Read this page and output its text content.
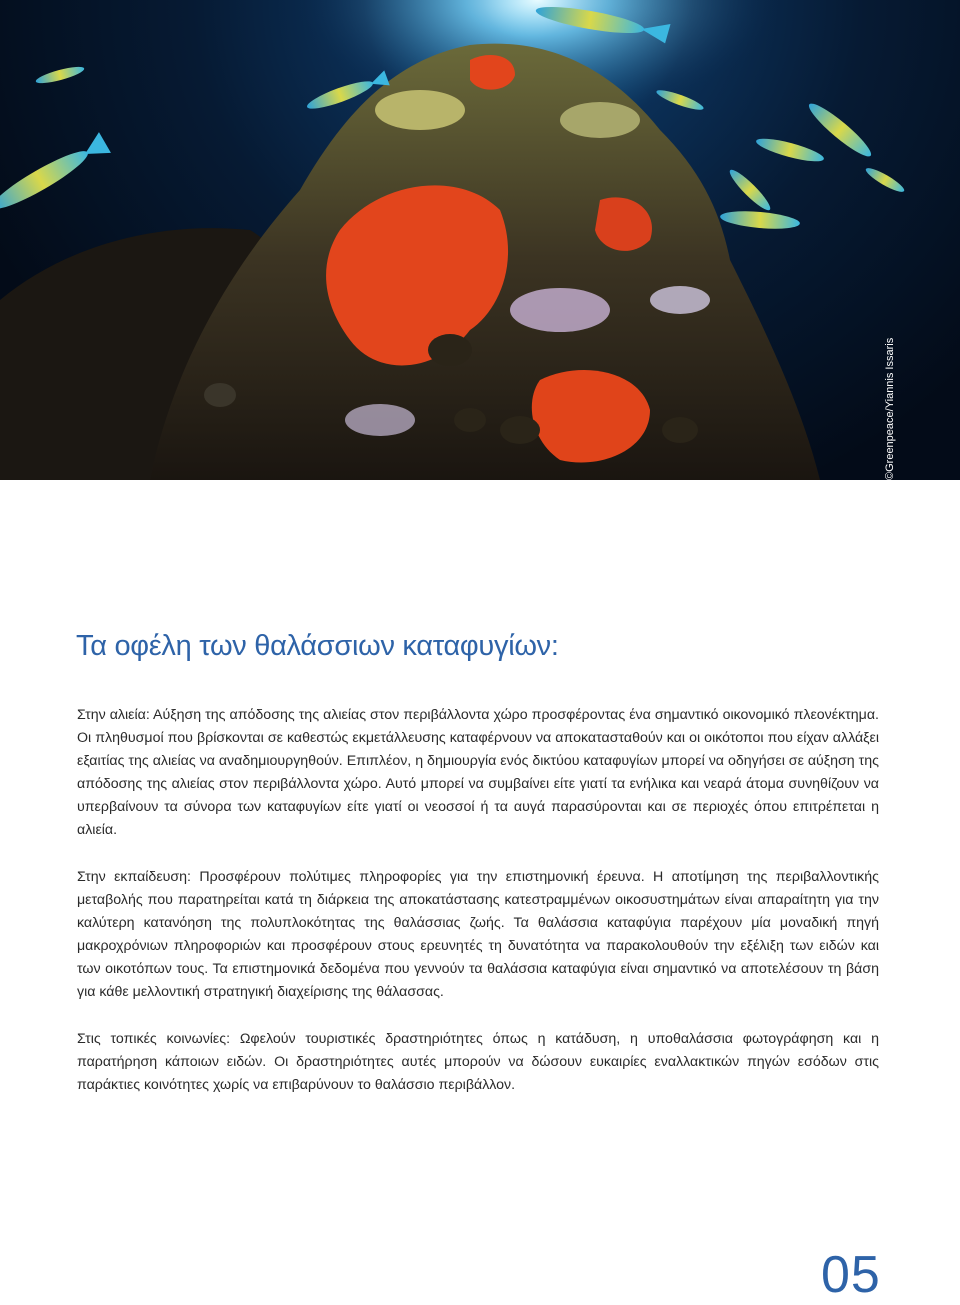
©Greenpeace/Yiannis Issaris
Τα οφέλη των θαλάσσιων καταφυγίων:

Στην αλιεία: Αύξηση της απόδοσης της αλιείας στον περιβάλλοντα χώρο προσφέροντας ένα σημαντικό οικονομικό πλεονέκτημα. Οι πληθυσμοί που βρίσκονται σε καθεστώς εκμετάλλευσης καταφέρνουν να αποκατασταθούν και οι οικότοποι που είχαν αλλάξει εξαιτίας της αλιείας να αναδημιουργηθούν. Επιπλέον, η δημιουργία ενός δικτύου καταφυγίων μπορεί να οδηγήσει σε αύξηση της απόδοσης της αλιείας στον περιβάλλοντα χώρο. Αυτό μπορεί να συμβαίνει είτε γιατί τα ενήλικα και νεαρά άτομα συνηθίζουν να υπερβαίνουν τα σύνορα των καταφυγίων είτε γιατί οι νεοσσοί ή τα αυγά παρασύρονται και σε περιοχές όπου επιτρέπεται η αλιεία.

Στην εκπαίδευση: Προσφέρουν πολύτιμες πληροφορίες για την επιστημονική έρευνα. Η αποτίμηση της περιβαλλοντικής μεταβολής που παρατηρείται κατά τη διάρκεια της αποκατάστασης κατεστραμμένων οικοσυστημάτων είναι απαραίτητη για την καλύτερη κατανόηση της πολυπλοκότητας της θαλάσσιας ζωής. Τα θαλάσσια καταφύγια παρέχουν μία μοναδική πηγή μακροχρόνιων πληροφοριών και προσφέρουν στους ερευνητές τη δυνατότητα να παρακολουθούν την εξέλιξη των ειδών και των οικοτόπων τους. Τα επιστημονικά δεδομένα που γεννούν τα θαλάσσια καταφύγια είναι σημαντικό να αποτελέσουν τη βάση για κάθε μελλοντική στρατηγική διαχείρισης της θάλασσας.

Στις τοπικές κοινωνίες: Ωφελούν τουριστικές δραστηριότητες όπως η κατάδυση, η υποθαλάσσια φωτογράφηση και η παρατήρηση κάποιων ειδών. Οι δραστηριότητες αυτές μπορούν να δώσουν ευκαιρίες εναλλακτικών πηγών εσόδων στις παράκτιες κοινότητες χωρίς να επιβαρύνουν το θαλάσσιο περιβάλλον.

05
